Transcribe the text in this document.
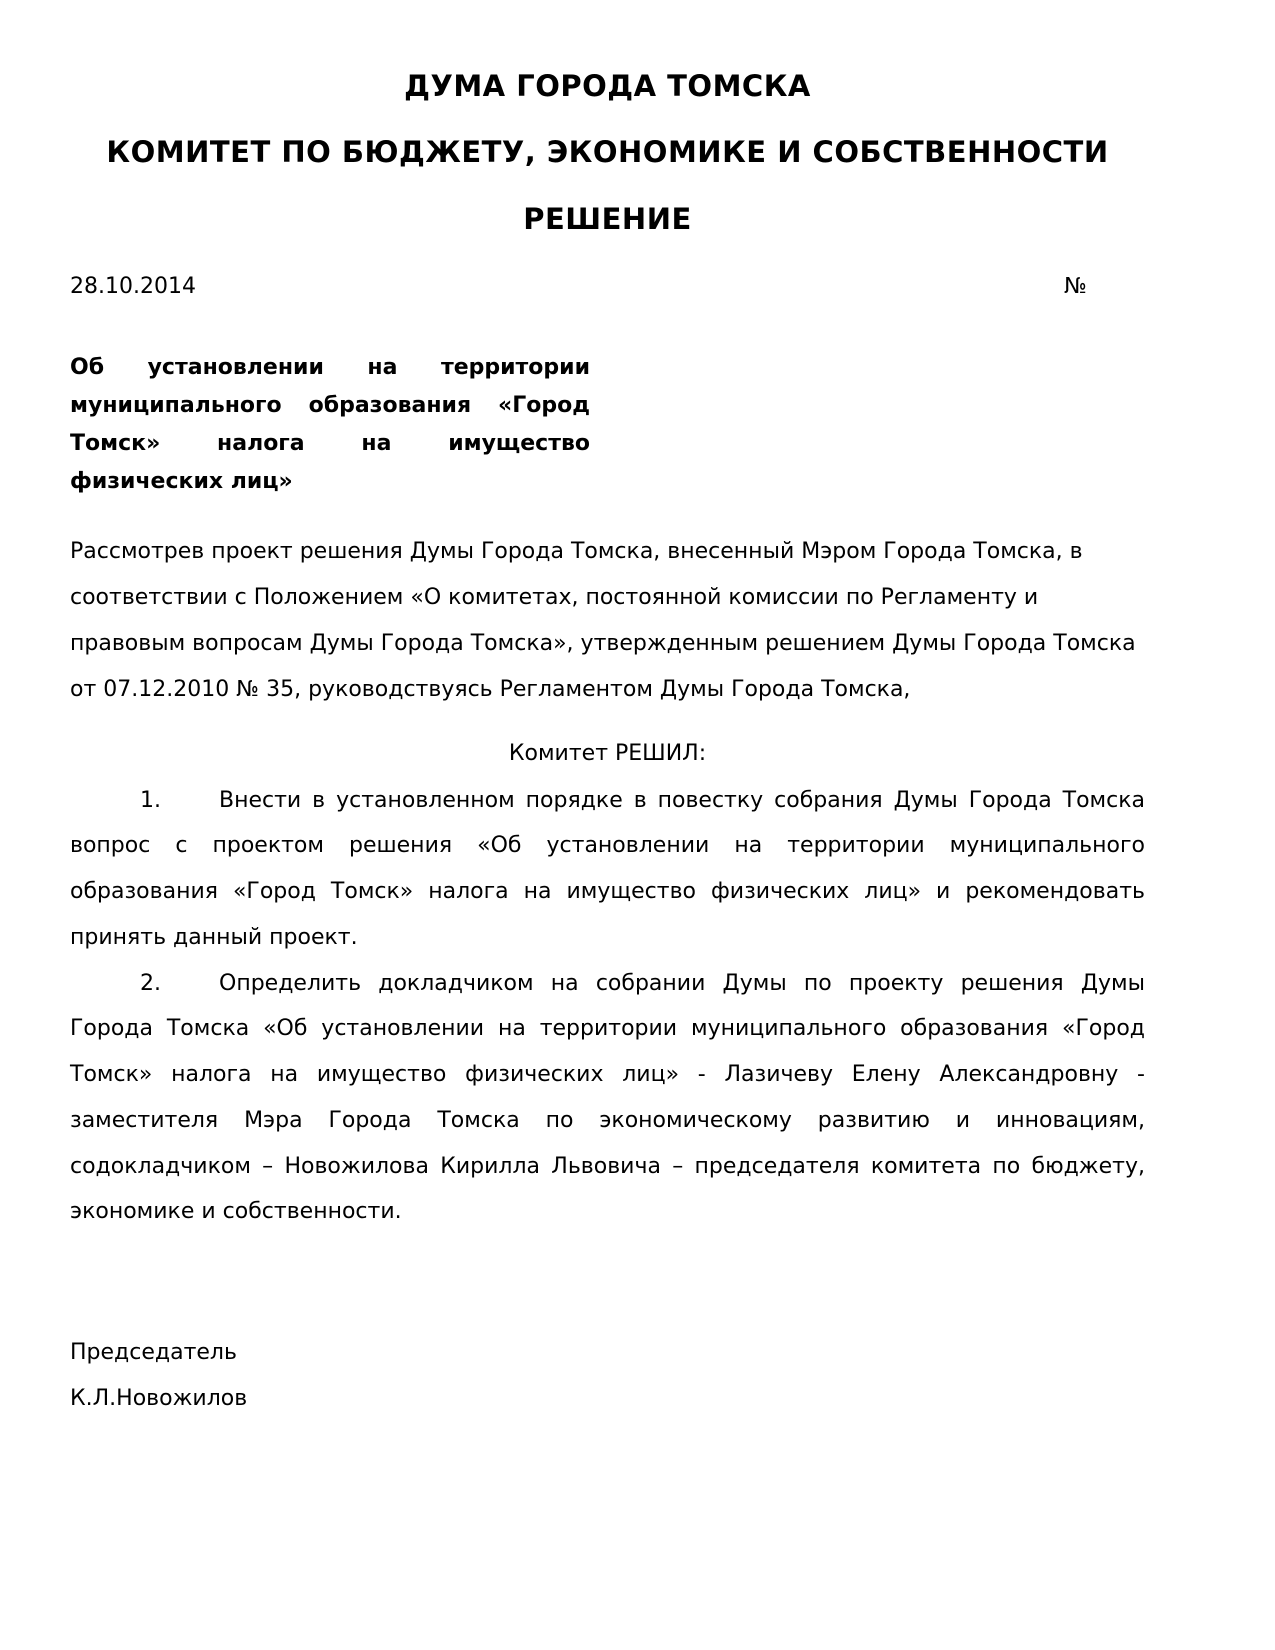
ДУМА ГОРОДА ТОМСКА
КОМИТЕТ ПО БЮДЖЕТУ, ЭКОНОМИКЕ И СОБСТВЕННОСТИ
РЕШЕНИЕ
28.10.2014	№
Об установлении на территории муниципального образования «Город Томск» налога на имущество физических лиц»

Рассмотрев проект решения Думы Города Томска, внесенный Мэром Города Томска, в соответствии с Положением «О комитетах, постоянной комиссии по Регламенту и правовым вопросам Думы Города Томска», утвержденным решением Думы Города Томска от 07.12.2010 № 35, руководствуясь Регламентом Думы Города Томска,

Комитет РЕШИЛ:

1.	Внести в установленном порядке в повестку собрания Думы Города Томска вопрос с проектом решения «Об установлении на территории муниципального образования «Город Томск» налога на имущество физических лиц» и рекомендовать принять данный проект.

2.	Определить докладчиком на собрании Думы по проекту решения Думы Города Томска «Об установлении на территории муниципального образования «Город Томск» налога на имущество физических лиц» - Лазичеву Елену Александровну - заместителя Мэра Города Томска по экономическому развитию и инновациям, содокладчиком – Новожилова Кирилла Львовича – председателя комитета по бюджету, экономике и собственности.

Председатель
К.Л.Новожилов
